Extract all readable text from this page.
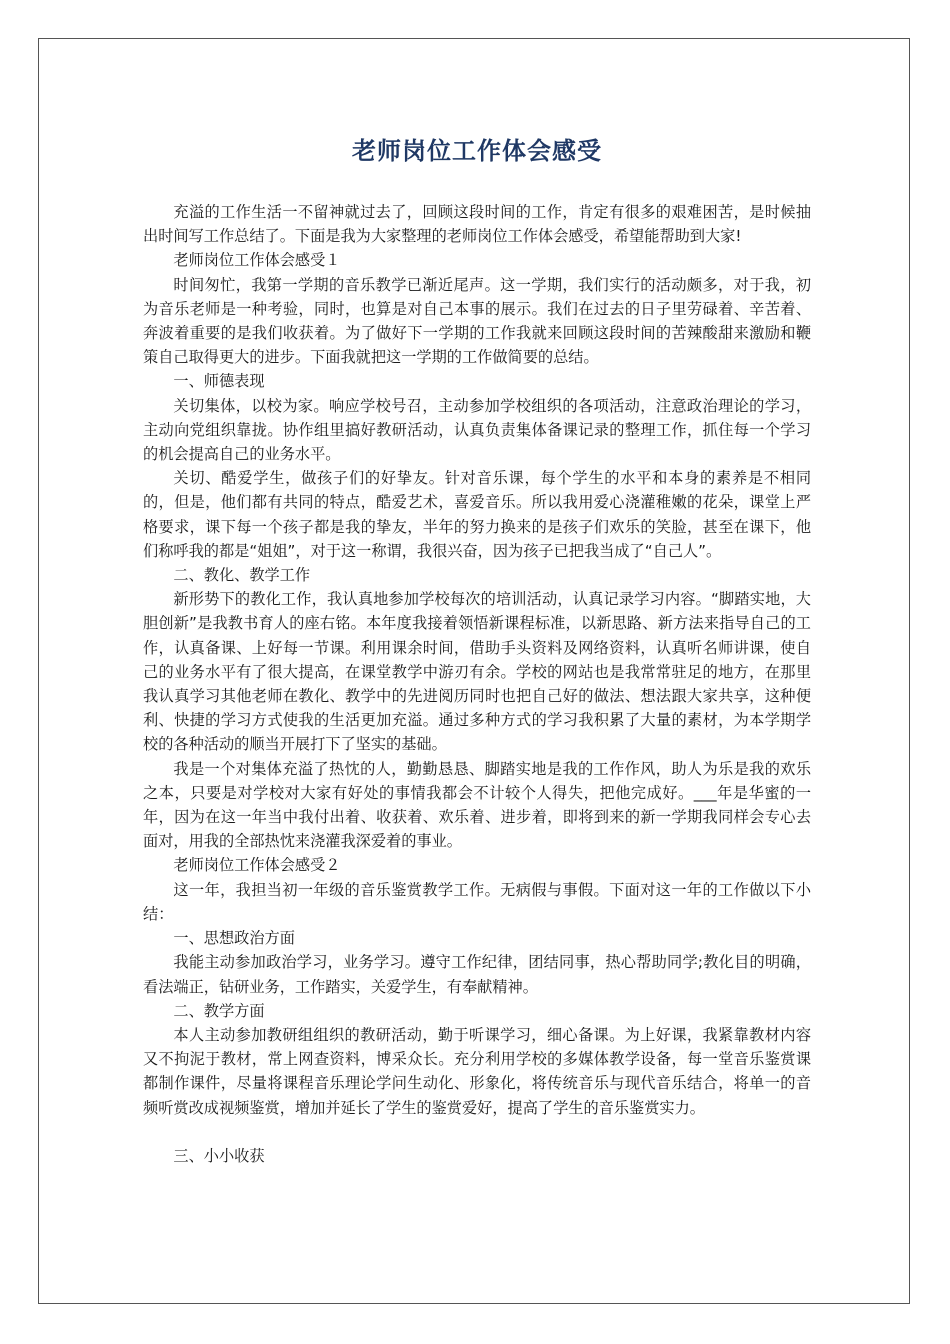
老师岗位工作体会感受

充溢的工作生活一不留神就过去了，回顾这段时间的工作，肯定有很多的艰难困苦，是时候抽出时间写工作总结了。下面是我为大家整理的老师岗位工作体会感受，希望能帮助到大家!

老师岗位工作体会感受１

时间匆忙，我第一学期的音乐教学已渐近尾声。这一学期，我们实行的活动颇多，对于我，初为音乐老师是一种考验，同时，也算是对自己本事的展示。我们在过去的日子里劳碌着、辛苦着、奔波着重要的是我们收获着。为了做好下一学期的工作我就来回顾这段时间的苦辣酸甜来激励和鞭策自己取得更大的进步。下面我就把这一学期的工作做简要的总结。

一、师德表现

关切集体，以校为家。响应学校号召，主动参加学校组织的各项活动，注意政治理论的学习，主动向党组织靠拢。协作组里搞好教研活动，认真负责集体备课记录的整理工作，抓住每一个学习的机会提高自己的业务水平。

关切、酷爱学生，做孩子们的好挚友。针对音乐课，每个学生的水平和本身的素养是不相同的，但是，他们都有共同的特点，酷爱艺术，喜爱音乐。所以我用爱心浇灌稚嫩的花朵，课堂上严格要求，课下每一个孩子都是我的挚友，半年的努力换来的是孩子们欢乐的笑脸，甚至在课下，他们称呼我的都是“姐姐”，对于这一称谓，我很兴奋，因为孩子已把我当成了“自己人”。

二、教化、教学工作

新形势下的教化工作，我认真地参加学校每次的培训活动，认真记录学习内容。“脚踏实地，大胆创新”是我教书育人的座右铭。本年度我接着领悟新课程标准，以新思路、新方法来指导自己的工作，认真备课、上好每一节课。利用课余时间，借助手头资料及网络资料，认真听名师讲课，使自己的业务水平有了很大提高，在课堂教学中游刃有余。学校的网站也是我常常驻足的地方，在那里我认真学习其他老师在教化、教学中的先进阅历同时也把自己好的做法、想法跟大家共享，这种便利、快捷的学习方式使我的生活更加充溢。通过多种方式的学习我积累了大量的素材，为本学期学校的各种活动的顺当开展打下了坚实的基础。

我是一个对集体充溢了热忱的人，勤勤恳恳、脚踏实地是我的工作作风，助人为乐是我的欢乐之本，只要是对学校对大家有好处的事情我都会不计较个人得失，把他完成好。___年是华蜜的一年，因为在这一年当中我付出着、收获着、欢乐着、进步着，即将到来的新一学期我同样会专心去面对，用我的全部热忱来浇灌我深爱着的事业。

老师岗位工作体会感受２

这一年，我担当初一年级的音乐鉴赏教学工作。无病假与事假。下面对这一年的工作做以下小结：

一、思想政治方面

我能主动参加政治学习，业务学习。遵守工作纪律，团结同事，热心帮助同学;教化目的明确，看法端正，钻研业务，工作踏实，关爱学生，有奉献精神。

二、教学方面

本人主动参加教研组组织的教研活动，勤于听课学习，细心备课。为上好课，我紧靠教材内容又不拘泥于教材，常上网查资料，博采众长。充分利用学校的多媒体教学设备，每一堂音乐鉴赏课都制作课件，尽量将课程音乐理论学问生动化、形象化，将传统音乐与现代音乐结合，将单一的音频听赏改成视频鉴赏，增加并延长了学生的鉴赏爱好，提高了学生的音乐鉴赏实力。

三、小小收获
